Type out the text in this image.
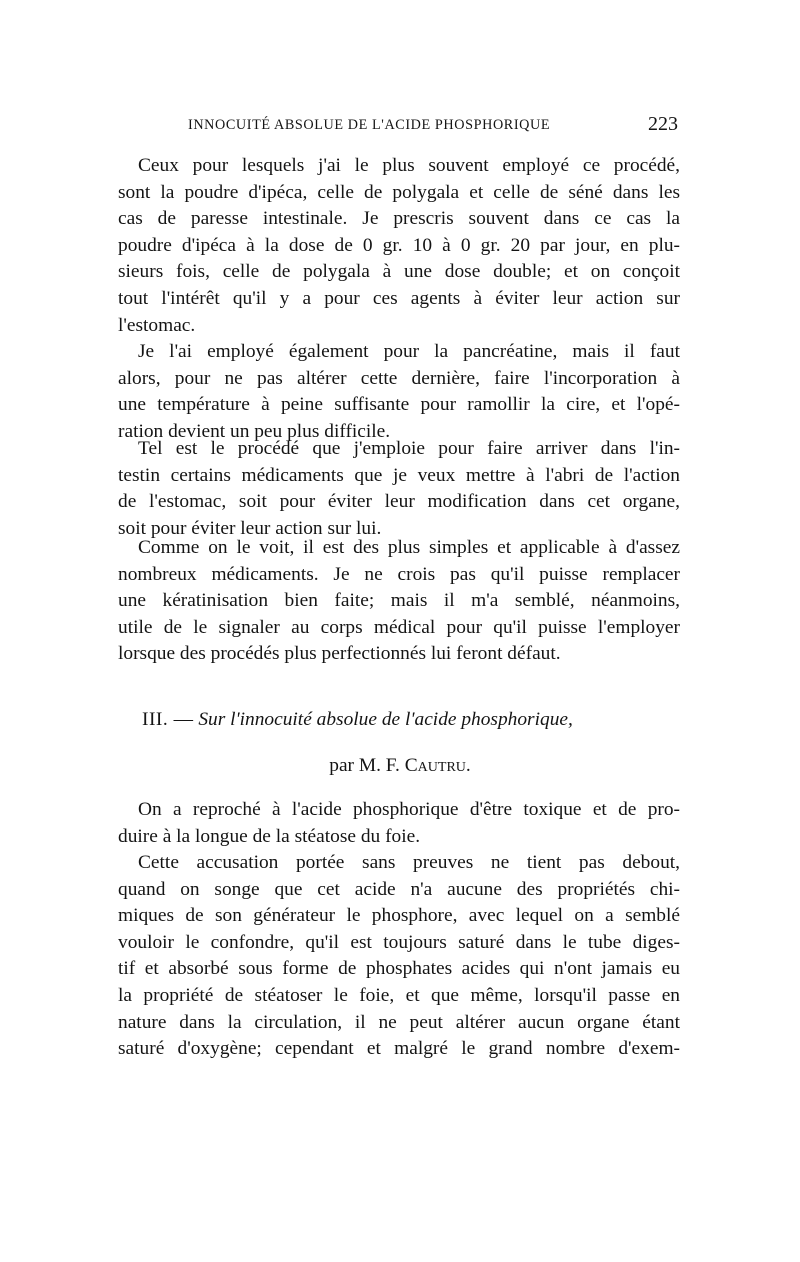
INNOCUITÉ ABSOLUE DE L'ACIDE PHOSPHORIQUE	223
Ceux pour lesquels j'ai le plus souvent employé ce procédé,
sont la poudre d'ipéca, celle de polygala et celle de séné dans les
cas de paresse intestinale. Je prescris souvent dans ce cas la
poudre d'ipéca à la dose de 0 gr. 10 à 0 gr. 20 par jour, en plu-
sieurs fois, celle de polygala à une dose double; et on conçoit
tout l'intérêt qu'il y a pour ces agents à éviter leur action sur
l'estomac.
Je l'ai employé également pour la pancréatine, mais il faut
alors, pour ne pas altérer cette dernière, faire l'incorporation à
une température à peine suffisante pour ramollir la cire, et l'opé-
ration devient un peu plus difficile.
Tel est le procédé que j'emploie pour faire arriver dans l'in-
testin certains médicaments que je veux mettre à l'abri de l'action
de l'estomac, soit pour éviter leur modification dans cet organe,
soit pour éviter leur action sur lui.
Comme on le voit, il est des plus simples et applicable à d'assez
nombreux médicaments. Je ne crois pas qu'il puisse remplacer
une kératinisation bien faite; mais il m'a semblé, néanmoins,
utile de le signaler au corps médical pour qu'il puisse l'employer
lorsque des procédés plus perfectionnés lui feront défaut.
III. — Sur l'innocuité absolue de l'acide phosphorique,
par M. F. Cautru.
On a reproché à l'acide phosphorique d'être toxique et de pro-
duire à la longue de la stéatose du foie.
Cette accusation portée sans preuves ne tient pas debout,
quand on songe que cet acide n'a aucune des propriétés chi-
miques de son générateur le phosphore, avec lequel on a semblé
vouloir le confondre, qu'il est toujours saturé dans le tube diges-
tif et absorbé sous forme de phosphates acides qui n'ont jamais eu
la propriété de stéatoser le foie, et que même, lorsqu'il passe en
nature dans la circulation, il ne peut altérer aucun organe étant
saturé d'oxygène; cependant et malgré le grand nombre d'exem-
